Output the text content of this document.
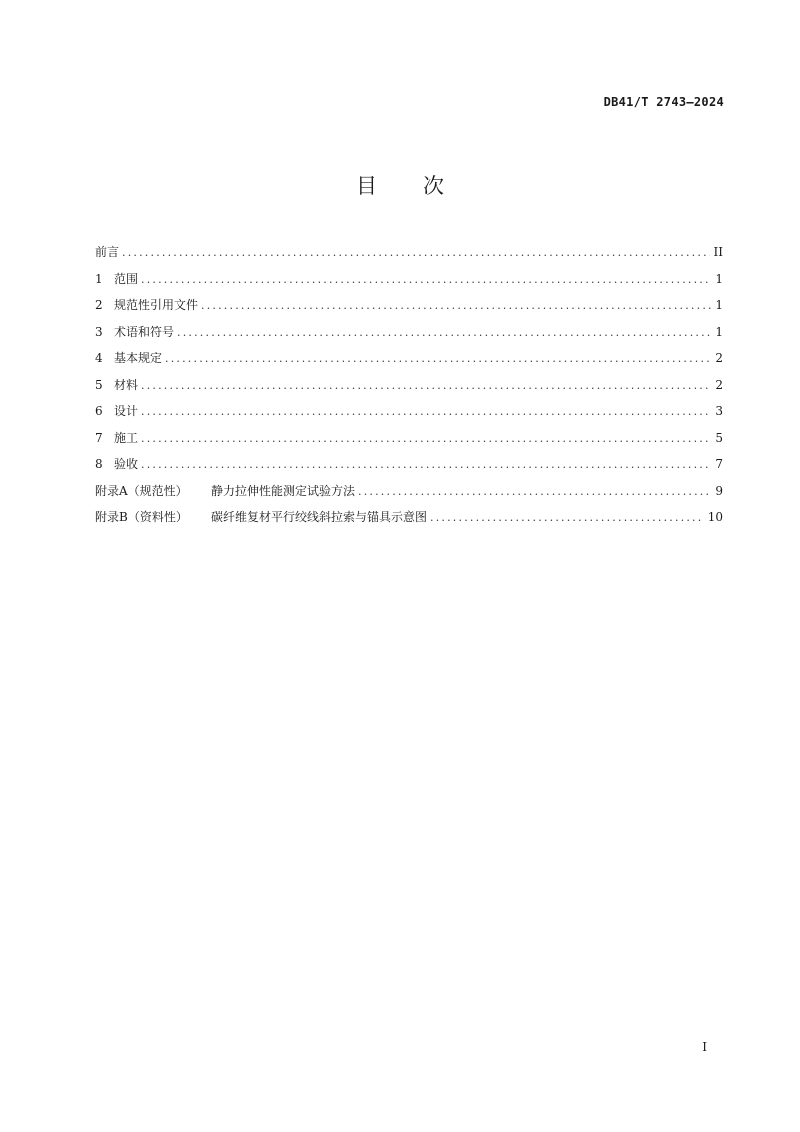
DB41/T 2743—2024
目次
前言 .....	II
1 范围 .....	1
2 规范性引用文件 .....	1
3 术语和符号 .....	1
4 基本规定 .....	2
5 材料 .....	2
6 设计 .....	3
7 施工 .....	5
8 验收 .....	7
附录A（规范性）	静力拉伸性能测定试验方法 .....	9
附录B（资料性）	碳纤维复材平行绞线斜拉索与锚具示意图 .....	10
I
